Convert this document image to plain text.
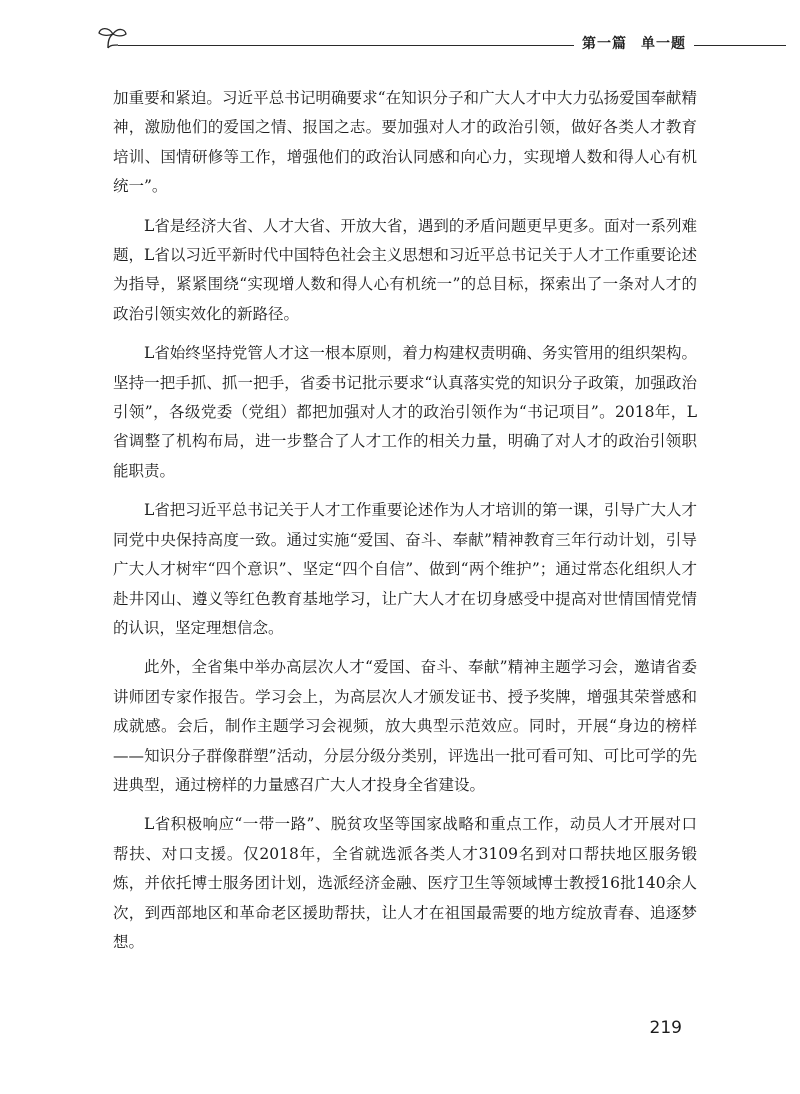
第一篇 单一题

加重要和紧迫。习近平总书记明确要求“在知识分子和广大人才中大力弘扬爱国奉献精神，激励他们的爱国之情、报国之志。要加强对人才的政治引领，做好各类人才教育培训、国情研修等工作，增强他们的政治认同感和向心力，实现增人数和得人心有机统一”。

L省是经济大省、人才大省、开放大省，遇到的矛盾问题更早更多。面对一系列难题，L省以习近平新时代中国特色社会主义思想和习近平总书记关于人才工作重要论述为指导，紧紧围绕“实现增人数和得人心有机统一”的总目标，探索出了一条对人才的政治引领实效化的新路径。

L省始终坚持党管人才这一根本原则，着力构建权责明确、务实管用的组织架构。坚持一把手抓、抓一把手，省委书记批示要求“认真落实党的知识分子政策，加强政治引领”，各级党委（党组）都把加强对人才的政治引领作为“书记项目”。2018年，L省调整了机构布局，进一步整合了人才工作的相关力量，明确了对人才的政治引领职能职责。

L省把习近平总书记关于人才工作重要论述作为人才培训的第一课，引导广大人才同党中央保持高度一致。通过实施“爱国、奋斗、奉献”精神教育三年行动计划，引导广大人才树牢“四个意识”、坚定“四个自信”、做到“两个维护”；通过常态化组织人才赴井冈山、遵义等红色教育基地学习，让广大人才在切身感受中提高对世情国情党情的认识，坚定理想信念。

此外，全省集中举办高层次人才“爱国、奋斗、奉献”精神主题学习会，邀请省委讲师团专家作报告。学习会上，为高层次人才颁发证书、授予奖牌，增强其荣誉感和成就感。会后，制作主题学习会视频，放大典型示范效应。同时，开展“身边的榜样——知识分子群像群塑”活动，分层分级分类别，评选出一批可看可知、可比可学的先进典型，通过榜样的力量感召广大人才投身全省建设。

L省积极响应“一带一路”、脱贫攻坚等国家战略和重点工作，动员人才开展对口帮扶、对口支援。仅2018年，全省就选派各类人才3109名到对口帮扶地区服务锻炼，并依托博士服务团计划，选派经济金融、医疗卫生等领域博士教授16批140余人次，到西部地区和革命老区援助帮扶，让人才在祖国最需要的地方绽放青春、追逐梦想。

219
